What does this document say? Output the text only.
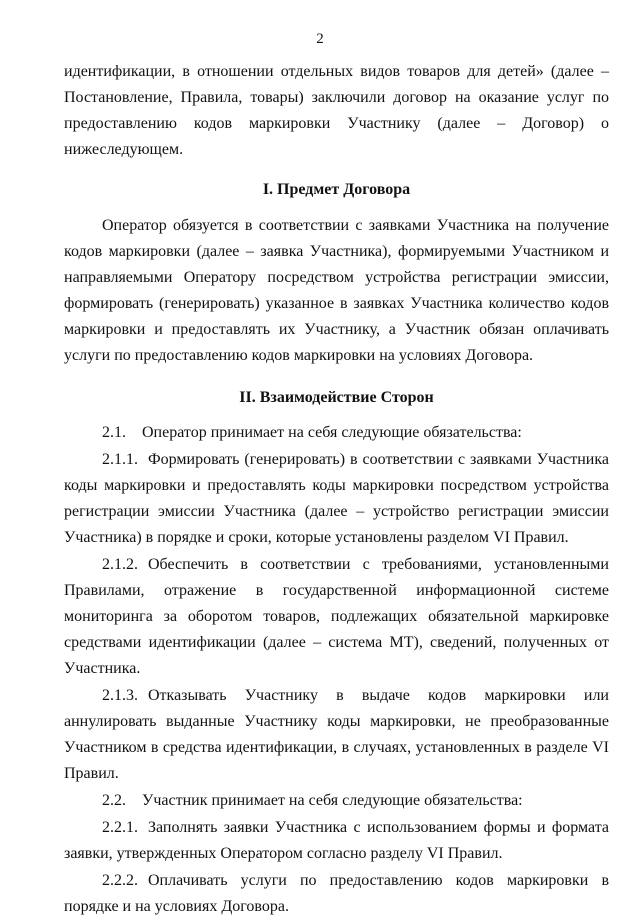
2

идентификации, в отношении отдельных видов товаров для детей» (далее – Постановление, Правила, товары) заключили договор на оказание услуг по предоставлению кодов маркировки Участнику (далее – Договор) о нижеследующем.

I. Предмет Договора

Оператор обязуется в соответствии с заявками Участника на получение кодов маркировки (далее – заявка Участника), формируемыми Участником и направляемыми Оператору посредством устройства регистрации эмиссии, формировать (генерировать) указанное в заявках Участника количество кодов маркировки и предоставлять их Участнику, а Участник обязан оплачивать услуги по предоставлению кодов маркировки на условиях Договора.

II. Взаимодействие Сторон

2.1. Оператор принимает на себя следующие обязательства:

2.1.1. Формировать (генерировать) в соответствии с заявками Участника коды маркировки и предоставлять коды маркировки посредством устройства регистрации эмиссии Участника (далее – устройство регистрации эмиссии Участника) в порядке и сроки, которые установлены разделом VI Правил.

2.1.2. Обеспечить в соответствии с требованиями, установленными Правилами, отражение в государственной информационной системе мониторинга за оборотом товаров, подлежащих обязательной маркировке средствами идентификации (далее – система МТ), сведений, полученных от Участника.

2.1.3. Отказывать Участнику в выдаче кодов маркировки или аннулировать выданные Участнику коды маркировки, не преобразованные Участником в средства идентификации, в случаях, установленных в разделе VI Правил.

2.2. Участник принимает на себя следующие обязательства:

2.2.1. Заполнять заявки Участника с использованием формы и формата заявки, утвержденных Оператором согласно разделу VI Правил.

2.2.2. Оплачивать услуги по предоставлению кодов маркировки в порядке и на условиях Договора.
